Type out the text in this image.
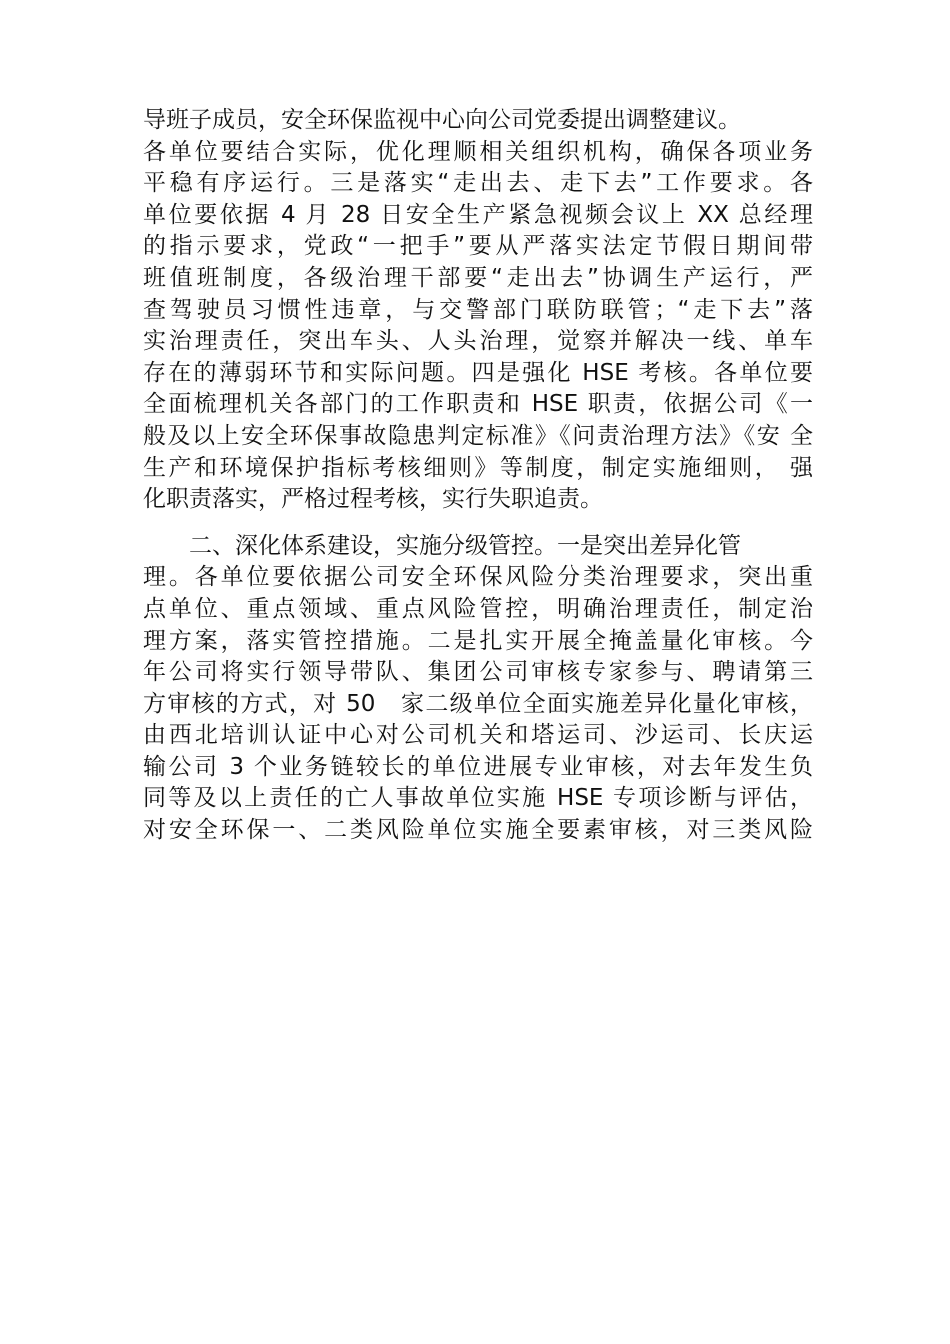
导班子成员，安全环保监视中心向公司党委提出调整建议。
各单位要结合实际，优化理顺相关组织机构，确保各项业务
平稳有序运行。三是落实“走出去、走下去”工作要求。各
单位要依据 4 月 28 日安全生产紧急视频会议上 XX 总经理
的指示要求，党政“一把手”要从严落实法定节假日期间带
班值班制度，各级治理干部要“走出去”协调生产运行，严
查驾驶员习惯性违章，与交警部门联防联管；“走下去”落
实治理责任，突出车头、人头治理，觉察并解决一线、单车
存在的薄弱环节和实际问题。四是强化 HSE 考核。各单位要
全面梳理机关各部门的工作职责和 HSE 职责，依据公司《一
般及以上安全环保事故隐患判定标准》《问责治理方法》《安 全
生产和环境保护指标考核细则》等制度，制定实施细则， 强
化职责落实，严格过程考核，实行失职追责。
二、深化体系建设，实施分级管控。一是突出差异化管
理。各单位要依据公司安全环保风险分类治理要求，突出重
点单位、重点领域、重点风险管控，明确治理责任，制定治
理方案，落实管控措施。二是扎实开展全掩盖量化审核。今
年公司将实行领导带队、集团公司审核专家参与、聘请第三
方审核的方式，对 50　家二级单位全面实施差异化量化审核，
由西北培训认证中心对公司机关和塔运司、沙运司、长庆运
输公司 3 个业务链较长的单位进展专业审核，对去年发生负
同等及以上责任的亡人事故单位实施 HSE 专项诊断与评估，
对安全环保一、二类风险单位实施全要素审核，对三类风险
